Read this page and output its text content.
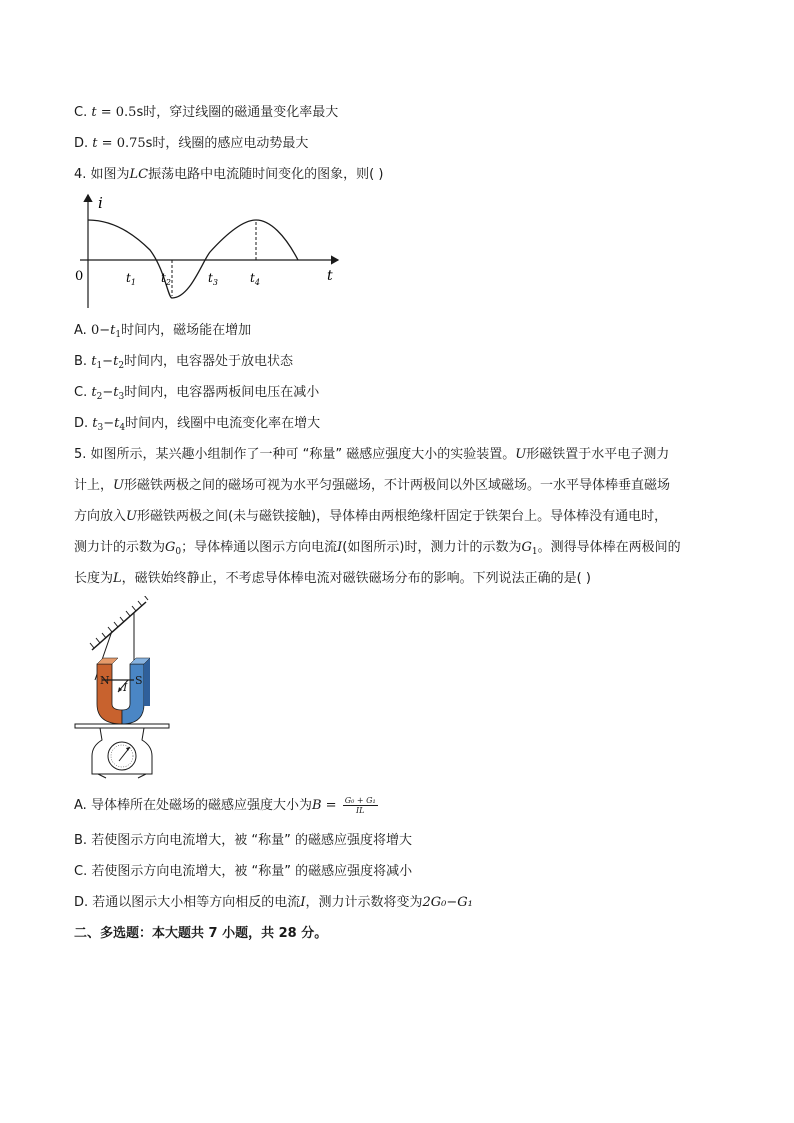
C. t = 0.5s时，穿过线圈的磁通量变化率最大
D. t = 0.75s时，线圈的感应电动势最大
4. 如图为LC振荡电路中电流随时间变化的图象，则( )
i
t
0	$t_1$ $t_2$	$t_3$	$t_4$
A. $0-t_1$时间内，磁场能在增加
B. $t_1-t_2$时间内，电容器处于放电状态
C. $t_2-t_3$时间内，电容器两板间电压在减小
D. $t_3-t_4$时间内，线圈中电流变化率在增大
5. 如图所示，某兴趣小组制作了一种可 “称量” 磁感应强度大小的实验装置。U形磁铁置于水平电子测力
计上，U形磁铁两极之间的磁场可视为水平匀强磁场，不计两极间以外区域磁场。一水平导体棒垂直磁场
方向放入U形磁铁两极之间(未与磁铁接触)，导体棒由两根绝缘杆固定于铁架台上。导体棒没有通电时，
测力计的示数为$G_0$；导体棒通以图示方向电流I(如图所示)时，测力计的示数为$G_1$。测得导体棒在两极间的
长度为L，磁铁始终静止，不考虑导体棒电流对磁铁磁场分布的影响。下列说法正确的是( )
N S
I
A. 导体棒所在处磁场的磁感应强度大小为$B = \frac{\text{G₀ + G₁}}{IL}$
B. 若使图示方向电流增大，被 “称量” 的磁感应强度将增大
C. 若使图示方向电流增大，被 “称量” 的磁感应强度将减小
D. 若通以图示大小相等方向相反的电流I，测力计示数将变为2G₀−G₁
二、多选题：本大题共 7 小题，共 28 分。
